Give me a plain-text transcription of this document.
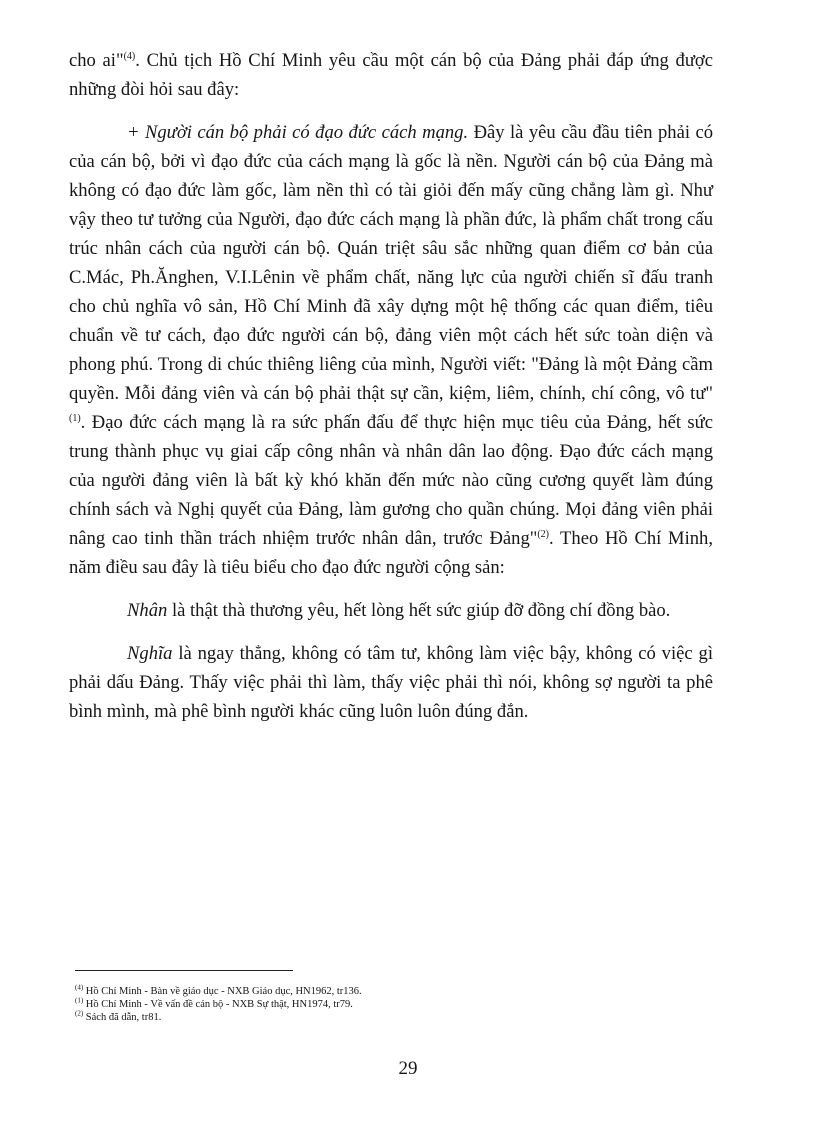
cho ai"$^{(4)}$. Chủ tịch Hồ Chí Minh yêu cầu một cán bộ của Đảng phải đáp ứng được những đòi hỏi sau đây:

+ Người cán bộ phải có đạo đức cách mạng. Đây là yêu cầu đầu tiên phải có của cán bộ, bởi vì đạo đức của cách mạng là gốc là nền. Người cán bộ của Đảng mà không có đạo đức làm gốc, làm nền thì có tài giỏi đến mấy cũng chẳng làm gì. Như vậy theo tư tưởng của Người, đạo đức cách mạng là phần đức, là phẩm chất trong cấu trúc nhân cách của người cán bộ. Quán triệt sâu sắc những quan điểm cơ bản của C.Mác, Ph.Ănghen, V.I.Lênin về phẩm chất, năng lực của người chiến sĩ đấu tranh cho chủ nghĩa vô sản, Hồ Chí Minh đã xây dựng một hệ thống các quan điểm, tiêu chuẩn về tư cách, đạo đức người cán bộ, đảng viên một cách hết sức toàn diện và phong phú. Trong di chúc thiêng liêng của mình, Người viết: "Đảng là một Đảng cầm quyền. Mỗi đảng viên và cán bộ phải thật sự cần, kiệm, liêm, chính, chí công, vô tư"$^{(1)}$. Đạo đức cách mạng là ra sức phấn đấu để thực hiện mục tiêu của Đảng, hết sức trung thành phục vụ giai cấp công nhân và nhân dân lao động. Đạo đức cách mạng của người đảng viên là bất kỳ khó khăn đến mức nào cũng cương quyết làm đúng chính sách và Nghị quyết của Đảng, làm gương cho quần chúng. Mọi đảng viên phải nâng cao tinh thần trách nhiệm trước nhân dân, trước Đảng"$^{(2)}$. Theo Hồ Chí Minh, năm điều sau đây là tiêu biểu cho đạo đức người cộng sản:

Nhân là thật thà thương yêu, hết lòng hết sức giúp đỡ đồng chí đồng bào.

Nghĩa là ngay thẳng, không có tâm tư, không làm việc bậy, không có việc gì phải dấu Đảng. Thấy việc phải thì làm, thấy việc phải thì nói, không sợ người ta phê bình mình, mà phê bình người khác cũng luôn luôn đúng đắn.

$^{(4)}$ Hồ Chí Minh - Bàn về giáo dục - NXB Giáo dục, HN1962, tr136.
$^{(1)}$ Hồ Chí Minh - Về vấn đề cán bộ - NXB Sự thật, HN1974, tr79.
$^{(2)}$ Sách đã dẫn, tr81.
29
